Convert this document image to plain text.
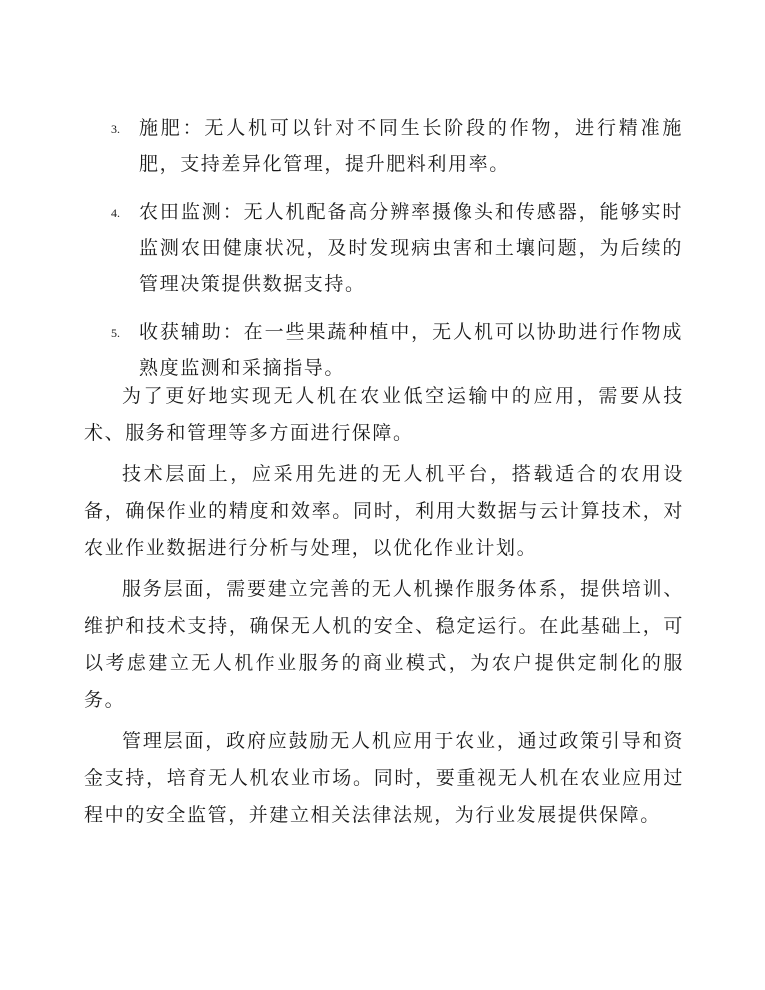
3. 施肥：无人机可以针对不同生长阶段的作物，进行精准施肥，支持差异化管理，提升肥料利用率。
4. 农田监测：无人机配备高分辨率摄像头和传感器，能够实时监测农田健康状况，及时发现病虫害和土壤问题，为后续的管理决策提供数据支持。
5. 收获辅助：在一些果蔬种植中，无人机可以协助进行作物成熟度监测和采摘指导。

为了更好地实现无人机在农业低空运输中的应用，需要从技术、服务和管理等多方面进行保障。

技术层面上，应采用先进的无人机平台，搭载适合的农用设备，确保作业的精度和效率。同时，利用大数据与云计算技术，对农业作业数据进行分析与处理，以优化作业计划。

服务层面，需要建立完善的无人机操作服务体系，提供培训、维护和技术支持，确保无人机的安全、稳定运行。在此基础上，可以考虑建立无人机作业服务的商业模式，为农户提供定制化的服务。

管理层面，政府应鼓励无人机应用于农业，通过政策引导和资金支持，培育无人机农业市场。同时，要重视无人机在农业应用过程中的安全监管，并建立相关法律法规，为行业发展提供保障。
